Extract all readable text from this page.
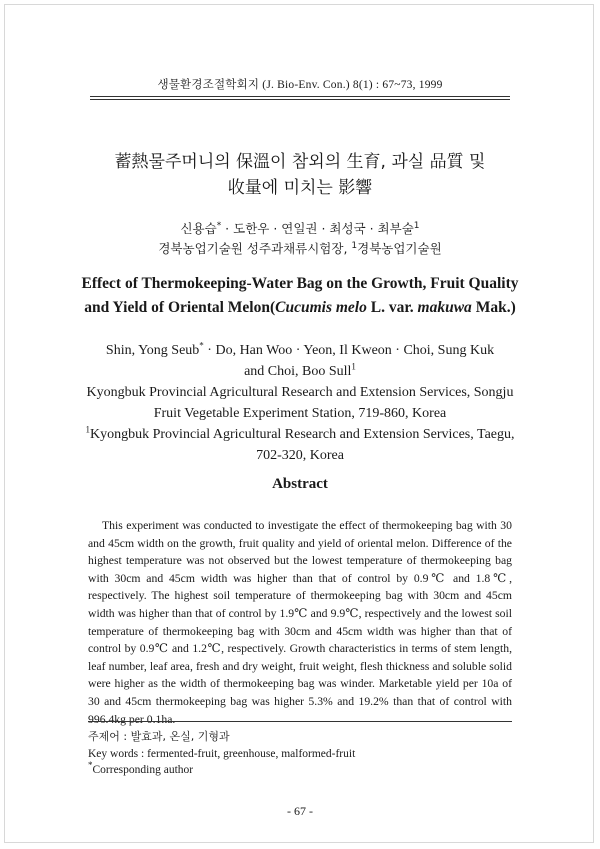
생물환경조절학회지 (J. Bio-Env. Con.) 8(1) : 67~73, 1999
蓄熱물주머니의 保溫이 참외의 生育, 과실 品質 및
收量에 미치는 影響
신용습* · 도한우 · 연일권 · 최성국 · 최부술$^1$
경북농업기술원 성주과채류시험장, $^1$경북농업기술원
Effect of Thermokeeping-Water Bag on the Growth, Fruit Quality
and Yield of Oriental Melon(Cucumis melo L. var. makuwa Mak.)
Shin, Yong Seub* · Do, Han Woo · Yeon, Il Kweon · Choi, Sung Kuk
and Choi, Boo Sull$^1$
Kyongbuk Provincial Agricultural Research and Extension Services, Songju
Fruit Vegetable Experiment Station, 719-860, Korea
$^1$Kyongbuk Provincial Agricultural Research and Extension Services, Taegu,
702-320, Korea
Abstract
This experiment was conducted to investigate the effect of thermokeeping bag with 30 and 45cm width on the growth, fruit quality and yield of oriental melon. Difference of the highest temperature was not observed but the lowest temperature of thermokeeping bag with 30cm and 45cm width was higher than that of control by 0.9℃ and 1.8℃, respectively. The highest soil temperature of thermokeeping bag with 30cm and 45cm width was higher than that of control by 1.9℃ and 9.9℃, respectively and the lowest soil temperature of thermokeeping bag with 30cm and 45cm width was higher than that of control by 0.9℃ and 1.2℃, respectively. Growth characteristics in terms of stem length, leaf number, leaf area, fresh and dry weight, fruit weight, flesh thickness and soluble solid were higher as the width of thermokeeping bag was winder. Marketable yield per 10a of 30 and 45cm thermokeeping bag was higher 5.3% and 19.2% than that of control with 996.4kg per 0.1ha.
주제어 : 발효과, 온실, 기형과
Key words : fermented-fruit, greenhouse, malformed-fruit
*Corresponding author
- 67 -
